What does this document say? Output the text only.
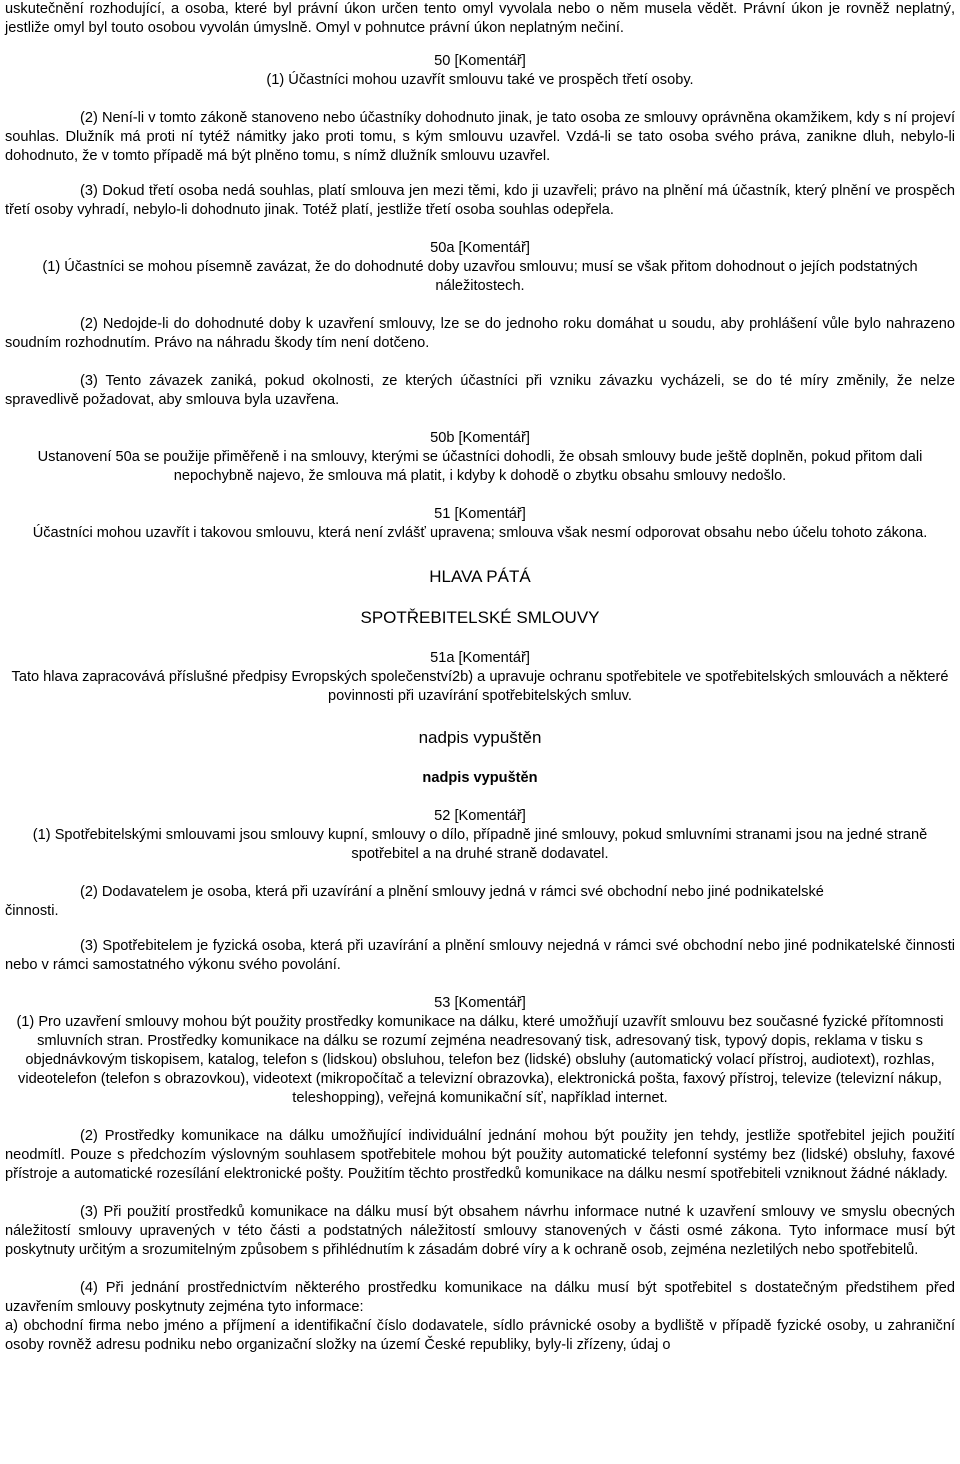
uskutečnění rozhodující, a osoba, které byl právní úkon určen tento omyl vyvolala nebo o něm musela vědět. Právní úkon je rovněž neplatný, jestliže omyl byl touto osobou vyvolán úmyslně. Omyl v pohnutce právní úkon neplatným nečiní.

50 [Komentář]

(1) Účastníci mohou uzavřít smlouvu také ve prospěch třetí osoby.

(2) Není-li v tomto zákoně stanoveno nebo účastníky dohodnuto jinak, je tato osoba ze smlouvy oprávněna okamžikem, kdy s ní projeví souhlas. Dlužník má proti ní tytéž námitky jako proti tomu, s kým smlouvu uzavřel. Vzdá-li se tato osoba svého práva, zanikne dluh, nebylo-li dohodnuto, že v tomto případě má být plněno tomu, s nímž dlužník smlouvu uzavřel.

(3) Dokud třetí osoba nedá souhlas, platí smlouva jen mezi těmi, kdo ji uzavřeli; právo na plnění má účastník, který plnění ve prospěch třetí osoby vyhradí, nebylo-li dohodnuto jinak. Totéž platí, jestliže třetí osoba souhlas odepřela.

50a [Komentář]

(1) Účastníci se mohou písemně zavázat, že do dohodnuté doby uzavřou smlouvu; musí se však přitom dohodnout o jejích podstatných náležitostech.

(2) Nedojde-li do dohodnuté doby k uzavření smlouvy, lze se do jednoho roku domáhat u soudu, aby prohlášení vůle bylo nahrazeno soudním rozhodnutím. Právo na náhradu škody tím není dotčeno.

(3) Tento závazek zaniká, pokud okolnosti, ze kterých účastníci při vzniku závazku vycházeli, se do té míry změnily, že nelze spravedlivě požadovat, aby smlouva byla uzavřena.

50b [Komentář]

Ustanovení 50a se použije přiměřeně i na smlouvy, kterými se účastníci dohodli, že obsah smlouvy bude ještě doplněn, pokud přitom dali nepochybně najevo, že smlouva má platit, i kdyby k dohodě o zbytku obsahu smlouvy nedošlo.

51 [Komentář]

Účastníci mohou uzavřít i takovou smlouvu, která není zvlášť upravena; smlouva však nesmí odporovat obsahu nebo účelu tohoto zákona.

HLAVA PÁTÁ

SPOTŘEBITELSKÉ SMLOUVY

51a [Komentář]

Tato hlava zapracovává příslušné předpisy Evropských společenství2b) a upravuje ochranu spotřebitele ve spotřebitelských smlouvách a některé povinnosti při uzavírání spotřebitelských smluv.

nadpis vypuštěn

nadpis vypuštěn

52 [Komentář]

(1) Spotřebitelskými smlouvami jsou smlouvy kupní, smlouvy o dílo, případně jiné smlouvy, pokud smluvními stranami jsou na jedné straně spotřebitel a na druhé straně dodavatel.

(2) Dodavatelem je osoba, která při uzavírání a plnění smlouvy jedná v rámci své obchodní nebo jiné podnikatelské

činnosti.

(3) Spotřebitelem je fyzická osoba, která při uzavírání a plnění smlouvy nejedná v rámci své obchodní nebo jiné podnikatelské činnosti nebo v rámci samostatného výkonu svého povolání.

53 [Komentář]

(1) Pro uzavření smlouvy mohou být použity prostředky komunikace na dálku, které umožňují uzavřít smlouvu bez současné fyzické přítomnosti smluvních stran. Prostředky komunikace na dálku se rozumí zejména neadresovaný tisk, adresovaný tisk, typový dopis, reklama v tisku s objednávkovým tiskopisem, katalog, telefon s (lidskou) obsluhou, telefon bez (lidské) obsluhy (automatický volací přístroj, audiotext), rozhlas, videotelefon (telefon s obrazovkou), videotext (mikropočítač a televizní obrazovka), elektronická pošta, faxový přístroj, televize (televizní nákup, teleshopping), veřejná komunikační síť, například internet.

(2) Prostředky komunikace na dálku umožňující individuální jednání mohou být použity jen tehdy, jestliže spotřebitel jejich použití neodmítl. Pouze s předchozím výslovným souhlasem spotřebitele mohou být použity automatické telefonní systémy bez (lidské) obsluhy, faxové přístroje a automatické rozesílání elektronické pošty. Použitím těchto prostředků komunikace na dálku nesmí spotřebiteli vzniknout žádné náklady.

(3) Při použití prostředků komunikace na dálku musí být obsahem návrhu informace nutné k uzavření smlouvy ve smyslu obecných náležitostí smlouvy upravených v této části a podstatných náležitostí smlouvy stanovených v části osmé zákona. Tyto informace musí být poskytnuty určitým a srozumitelným způsobem s přihlédnutím k zásadám dobré víry a k ochraně osob, zejména nezletilých nebo spotřebitelů.

(4) Při jednání prostřednictvím některého prostředku komunikace na dálku musí být spotřebitel s dostatečným předstihem před uzavřením smlouvy poskytnuty zejména tyto informace:

a) obchodní firma nebo jméno a příjmení a identifikační číslo dodavatele, sídlo právnické osoby a bydliště v případě fyzické osoby, u zahraniční osoby rovněž adresu podniku nebo organizační složky na území České republiky, byly-li zřízeny, údaj o
